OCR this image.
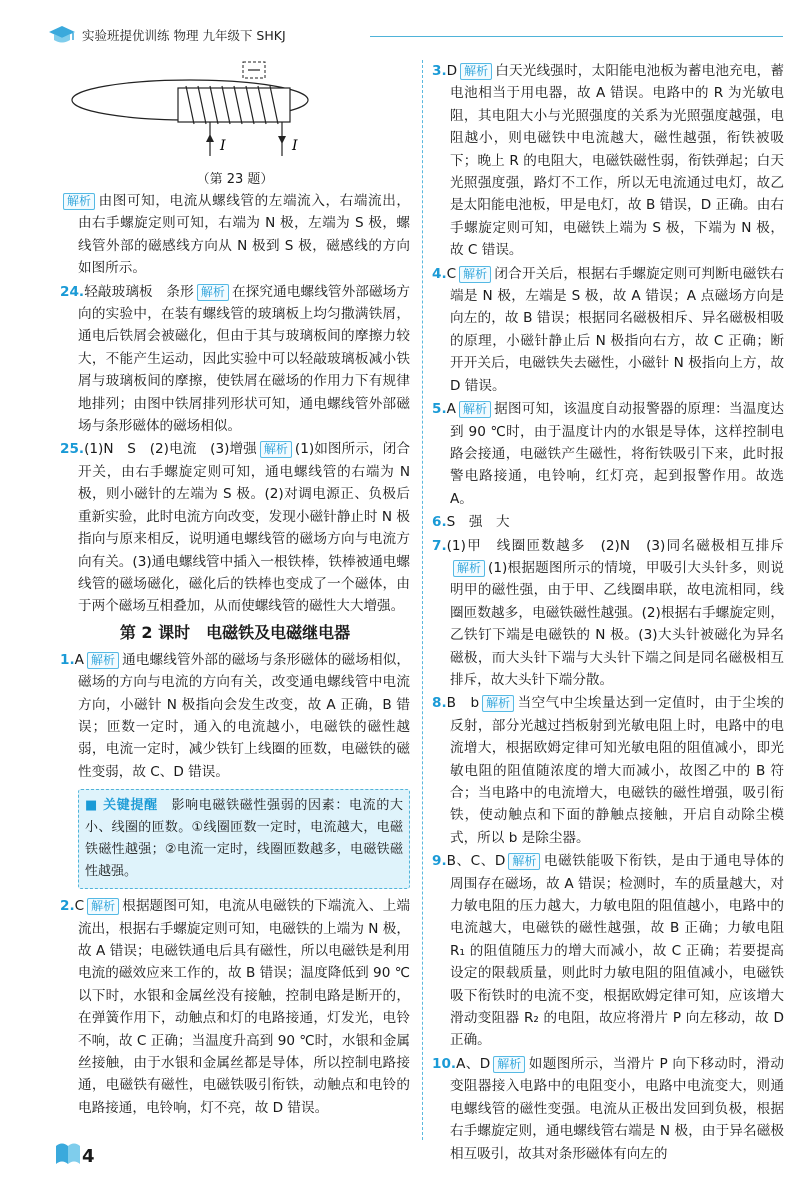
实验班提优训练 物理 九年级下 SHKJ
I	I
（第 23 题）

解析 由图可知，电流从螺线管的左端流入，右端流出，由右手螺旋定则可知，右端为 N 极，左端为 S 极，螺线管外部的磁感线方向从 N 极到 S 极，磁感线的方向如图所示。

24.轻敲玻璃板　条形 解析 在探究通电螺线管外部磁场方向的实验中，在装有螺线管的玻璃板上均匀撒满铁屑，通电后铁屑会被磁化，但由于其与玻璃板间的摩擦力较大，不能产生运动，因此实验中可以轻敲玻璃板减小铁屑与玻璃板间的摩擦，使铁屑在磁场的作用力下有规律地排列；由图中铁屑排列形状可知，通电螺线管外部磁场与条形磁体的磁场相似。

25.(1)N　S　(2)电流　(3)增强 解析 (1)如图所示，闭合开关，由右手螺旋定则可知，通电螺线管的右端为 N 极，则小磁针的左端为 S 极。(2)对调电源正、负极后重新实验，此时电流方向改变，发现小磁针静止时 N 极指向与原来相反，说明通电螺线管的磁场方向与电流方向有关。(3)通电螺线管中插入一根铁棒，铁棒被通电螺线管的磁场磁化，磁化后的铁棒也变成了一个磁体，由于两个磁场互相叠加，从而使螺线管的磁性大大增强。

第 2 课时　电磁铁及电磁继电器

1.A 解析 通电螺线管外部的磁场与条形磁体的磁场相似，磁场的方向与电流的方向有关，改变通电螺线管中电流方向，小磁针 N 极指向会发生改变，故 A 正确，B 错误；匝数一定时，通入的电流越小，电磁铁的磁性越弱，电流一定时，减少铁钉上线圈的匝数，电磁铁的磁性变弱，故 C、D 错误。

■ 关键提醒　 影响电磁铁磁性强弱的因素：电流的大小、线圈的匝数。①线圈匝数一定时，电流越大，电磁铁磁性越强；②电流一定时，线圈匝数越多，电磁铁磁性越强。

2.C 解析 根据题图可知，电流从电磁铁的下端流入、上端流出，根据右手螺旋定则可知，电磁铁的上端为 N 极，故 A 错误；电磁铁通电后具有磁性，所以电磁铁是利用电流的磁效应来工作的，故 B 错误；温度降低到 90 ℃以下时，水银和金属丝没有接触，控制电路是断开的，在弹簧作用下，动触点和灯的电路接通，灯发光，电铃不响，故 C 正确；当温度升高到 90 ℃时，水银和金属丝接触，由于水银和金属丝都是导体，所以控制电路接通，电磁铁有磁性，电磁铁吸引衔铁，动触点和电铃的电路接通，电铃响，灯不亮，故 D 错误。

3.D 解析 白天光线强时，太阳能电池板为蓄电池充电，蓄电池相当于用电器，故 A 错误。电路中的 R 为光敏电阻，其电阻大小与光照强度的关系为光照强度越强，电阻越小，则电磁铁中电流越大，磁性越强，衔铁被吸下；晚上 R 的电阻大，电磁铁磁性弱，衔铁弹起；白天光照强度强，路灯不工作，所以无电流通过电灯，故乙是太阳能电池板，甲是电灯，故 B 错误，D 正确。由右手螺旋定则可知，电磁铁上端为 S 极，下端为 N 极，故 C 错误。

4.C 解析 闭合开关后，根据右手螺旋定则可判断电磁铁右端是 N 极，左端是 S 极，故 A 错误；A 点磁场方向是向左的，故 B 错误；根据同名磁极相斥、异名磁极相吸的原理，小磁针静止后 N 极指向右方，故 C 正确；断开开关后，电磁铁失去磁性，小磁针 N 极指向上方，故 D 错误。

5.A 解析 据图可知，该温度自动报警器的原理：当温度达到 90 ℃时，由于温度计内的水银是导体，这样控制电路会接通，电磁铁产生磁性，将衔铁吸引下来，此时报警电路接通，电铃响，红灯亮，起到报警作用。故选 A。

6.S　强　大

7.(1)甲　线圈匝数越多　(2)N　(3)同名磁极相互排斥解析 (1)根据题图所示的情境，甲吸引大头针多，则说明甲的磁性强，由于甲、乙线圈串联，故电流相同，线圈匝数越多，电磁铁磁性越强。(2)根据右手螺旋定则，乙铁钉下端是电磁铁的 N 极。(3)大头针被磁化为异名磁极，而大头针下端与大头针下端之间是同名磁极相互排斥，故大头针下端分散。

8.B　b 解析 当空气中尘埃量达到一定值时，由于尘埃的反射，部分光越过挡板射到光敏电阻上时，电路中的电流增大，根据欧姆定律可知光敏电阻的阻值减小，即光敏电阻的阻值随浓度的增大而减小，故图乙中的 B 符合；当电路中的电流增大，电磁铁的磁性增强，吸引衔铁，使动触点和下面的静触点接触，开启自动除尘模式，所以 b 是除尘器。

9.B、C、D 解析 电磁铁能吸下衔铁，是由于通电导体的周围存在磁场，故 A 错误；检测时，车的质量越大，对力敏电阻的压力越大，力敏电阻的阻值越小，电路中的电流越大，电磁铁的磁性越强，故 B 正确；力敏电阻 R₁ 的阻值随压力的增大而减小，故 C 正确；若要提高设定的限载质量，则此时力敏电阻的阻值减小，电磁铁吸下衔铁时的电流不变，根据欧姆定律可知，应该增大滑动变阻器 R₂ 的电阻，故应将滑片 P 向左移动，故 D 正确。

10.A、D 解析 如题图所示，当滑片 P 向下移动时，滑动变阻器接入电路中的电阻变小，电路中电流变大，则通电螺线管的磁性变强。电流从正极出发回到负极，根据右手螺旋定则，通电螺线管右端是 N 极，由于异名磁极相互吸引，故其对条形磁体有向左的

4
